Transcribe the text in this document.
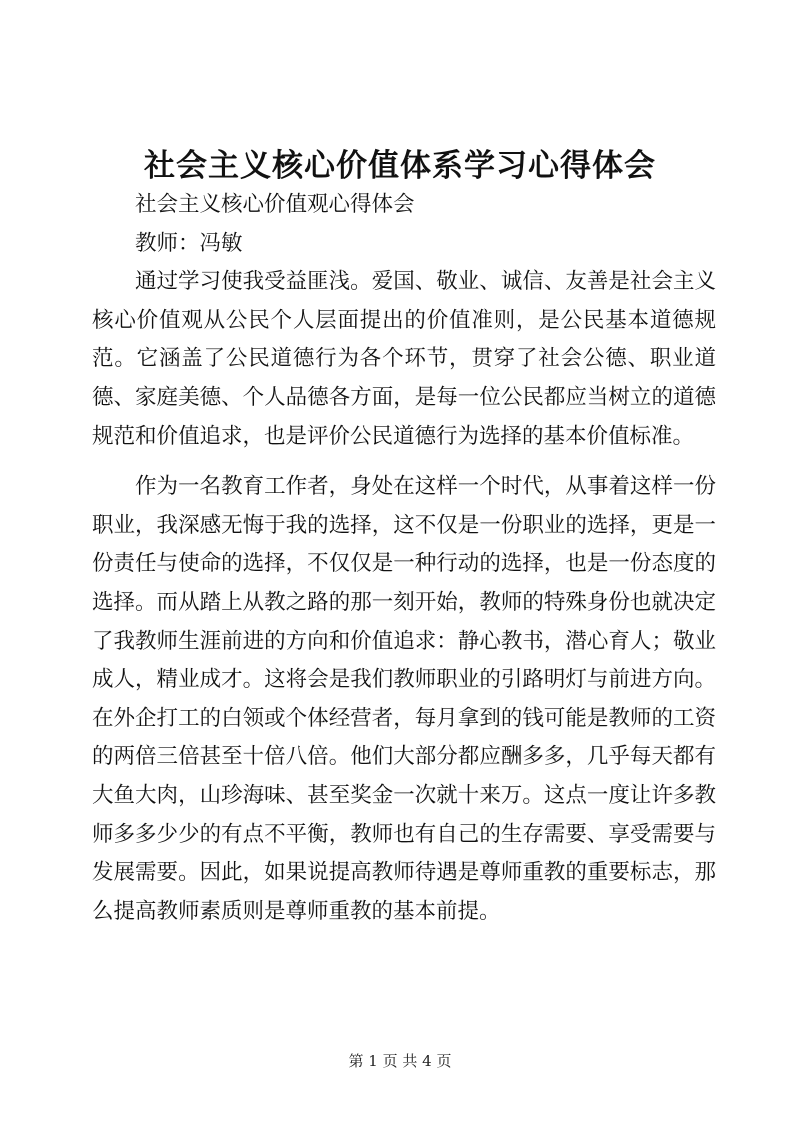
社会主义核心价值体系学习心得体会

社会主义核心价值观心得体会

教师：冯敏

通过学习使我受益匪浅。爱国、敬业、诚信、友善是社会主义核心价值观从公民个人层面提出的价值准则，是公民基本道德规范。它涵盖了公民道德行为各个环节，贯穿了社会公德、职业道德、家庭美德、个人品德各方面，是每一位公民都应当树立的道德规范和价值追求，也是评价公民道德行为选择的基本价值标准。

作为一名教育工作者，身处在这样一个时代，从事着这样一份职业，我深感无悔于我的选择，这不仅是一份职业的选择，更是一份责任与使命的选择，不仅仅是一种行动的选择，也是一份态度的选择。而从踏上从教之路的那一刻开始，教师的特殊身份也就决定了我教师生涯前进的方向和价值追求：静心教书，潜心育人；敬业成人，精业成才。这将会是我们教师职业的引路明灯与前进方向。在外企打工的白领或个体经营者，每月拿到的钱可能是教师的工资的两倍三倍甚至十倍八倍。他们大部分都应酬多多，几乎每天都有大鱼大肉，山珍海味、甚至奖金一次就十来万。这点一度让许多教师多多少少的有点不平衡，教师也有自己的生存需要、享受需要与发展需要。因此，如果说提高教师待遇是尊师重教的重要标志，那么提高教师素质则是尊师重教的基本前提。

第 1 页 共 4 页
